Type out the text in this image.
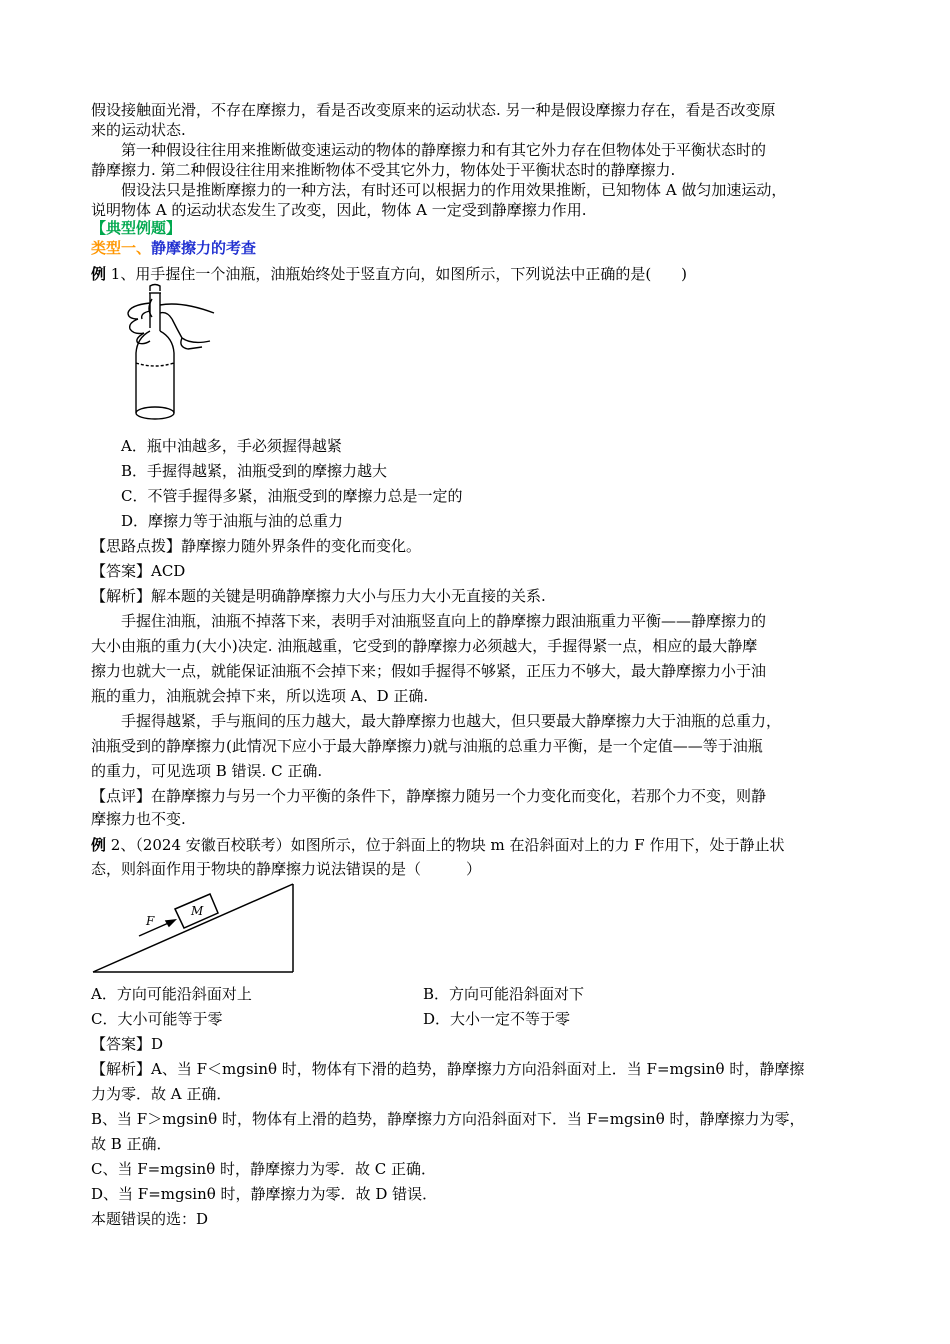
假设接触面光滑，不存在摩擦力，看是否改变原来的运动状态. 另一种是假设摩擦力存在，看是否改变原
来的运动状态.
第一种假设往往用来推断做变速运动的物体的静摩擦力和有其它外力存在但物体处于平衡状态时的
静摩擦力. 第二种假设往往用来推断物体不受其它外力，物体处于平衡状态时的静摩擦力.
假设法只是推断摩擦力的一种方法，有时还可以根据力的作用效果推断，已知物体 A 做匀加速运动，
说明物体 A 的运动状态发生了改变，因此，物体 A 一定受到静摩擦力作用.
【典型例题】
类型一、静摩擦力的考查
例 1、用手握住一个油瓶，油瓶始终处于竖直方向，如图所示，下列说法中正确的是(　　)
A．瓶中油越多，手必须握得越紧
B．手握得越紧，油瓶受到的摩擦力越大
C．不管手握得多紧，油瓶受到的摩擦力总是一定的
D．摩擦力等于油瓶与油的总重力
【思路点拨】静摩擦力随外界条件的变化而变化。
【答案】ACD
【解析】解本题的关键是明确静摩擦力大小与压力大小无直接的关系.
手握住油瓶，油瓶不掉落下来，表明手对油瓶竖直向上的静摩擦力跟油瓶重力平衡——静摩擦力的
大小由瓶的重力(大小)决定. 油瓶越重，它受到的静摩擦力必须越大，手握得紧一点，相应的最大静摩
擦力也就大一点，就能保证油瓶不会掉下来；假如手握得不够紧，正压力不够大，最大静摩擦力小于油
瓶的重力，油瓶就会掉下来，所以选项 A、D 正确.
手握得越紧，手与瓶间的压力越大，最大静摩擦力也越大，但只要最大静摩擦力大于油瓶的总重力，
油瓶受到的静摩擦力(此情况下应小于最大静摩擦力)就与油瓶的总重力平衡，是一个定值——等于油瓶
的重力，可见选项 B 错误. C 正确.
【点评】在静摩擦力与另一个力平衡的条件下，静摩擦力随另一个力变化而变化，若那个力不变，则静
摩擦力也不变.
例 2、（2024 安徽百校联考）如图所示，位于斜面上的物块 m 在沿斜面对上的力 F 作用下，处于静止状
态，则斜面作用于物块的静摩擦力说法错误的是（　　　）
F
M
A．方向可能沿斜面对上	B．方向可能沿斜面对下
C．大小可能等于零	D．大小一定不等于零
【答案】D
【解析】A、当 F＜mgsinθ 时，物体有下滑的趋势，静摩擦力方向沿斜面对上．当 F=mgsinθ 时，静摩擦
力为零．故 A 正确．
B、当 F＞mgsinθ 时，物体有上滑的趋势，静摩擦力方向沿斜面对下．当 F=mgsinθ 时，静摩擦力为零，
故 B 正确．
C、当 F=mgsinθ 时，静摩擦力为零．故 C 正确．
D、当 F=mgsinθ 时，静摩擦力为零．故 D 错误．
本题错误的选：D
